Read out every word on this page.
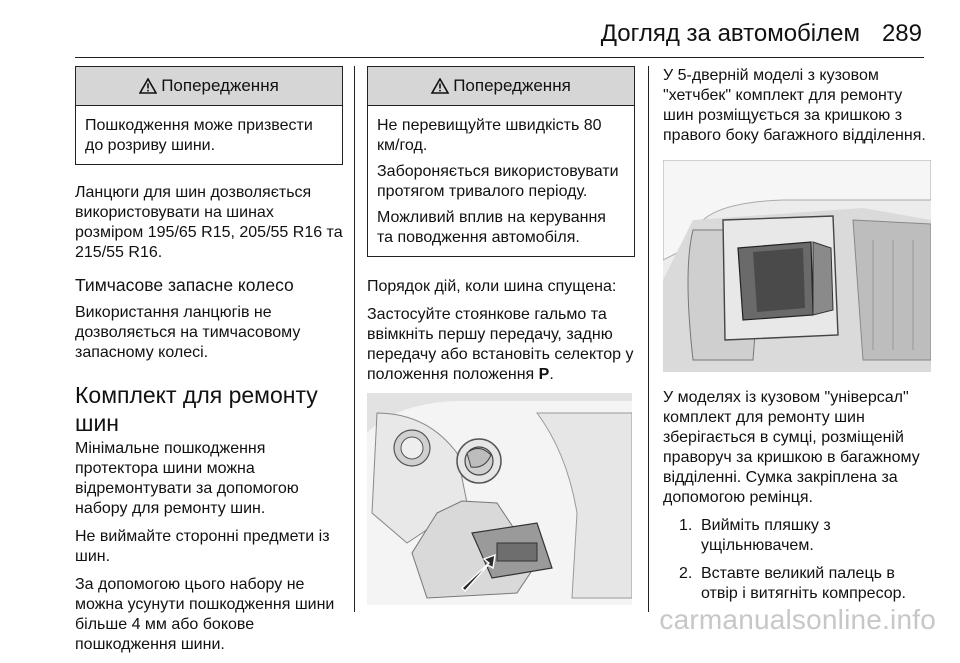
Догляд за автомобілем 289
Попередження

Пошкодження може призвести до розриву шини.

Ланцюги для шин дозволяється використовувати на шинах розміром 195/65 R15, 205/55 R16 та 215/55 R16.

Тимчасове запасне колесо

Використання ланцюгів не дозволяється на тимчасовому запасному колесі.

Комплект для ремонту шин

Мінімальне пошкодження протектора шини можна відремонтувати за допомогою набору для ремонту шин.

Не виймайте сторонні предмети із шин.

За допомогою цього набору не можна усунути пошкодження шини більше 4 мм або бокове пошкодження шини.

Попередження

Не перевищуйте швидкість 80 км/год.

Забороняється використовувати протягом тривалого періоду.

Можливий вплив на керування та поводження автомобіля.

Порядок дій, коли шина спущена:

Застосуйте стоянкове гальмо та ввімкніть першу передачу, задню передачу або встановіть селектор у положення положення P.

У 5-дверній моделі з кузовом "хетчбек" комплект для ремонту шин розміщується за кришкою з правого боку багажного відділення.

У моделях із кузовом "універсал" комплект для ремонту шин зберігається в сумці, розміщеній праворуч за кришкою в багажному відділенні. Сумка закріплена за допомогою ремінця.

1. Вийміть пляшку з ущільнювачем.
2. Вставте великий палець в отвір і витягніть компресор.
carmanualsonline.info
